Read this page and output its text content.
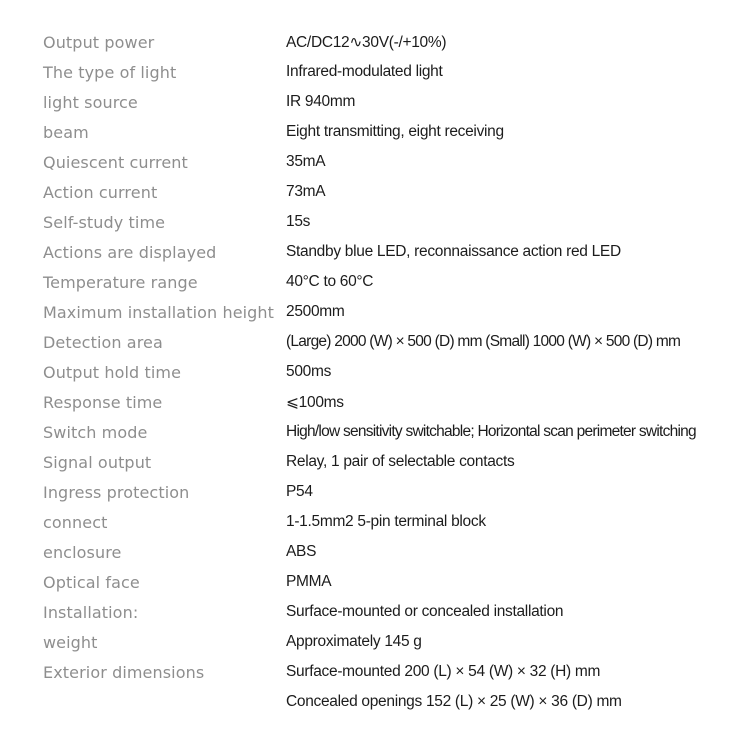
Output power	AC/DC12∿30V(-/+10%)
The type of light	Infrared-modulated light
light source	IR 940mm
beam	Eight transmitting, eight receiving
Quiescent current	35mA
Action current	73mA
Self-study time	15s
Actions are displayed	Standby blue LED, reconnaissance action red LED
Temperature range	40°C to 60°C
Maximum installation height 2500mm
Detection area	(Large) 2000 (W) × 500 (D) mm (Small) 1000 (W) × 500 (D) mm
Output hold time	500ms
Response time	⩽100ms
Switch mode	High/low sensitivity switchable; Horizontal scan perimeter switching
Signal output	Relay, 1 pair of selectable contacts
Ingress protection	P54
connect	1-1.5mm2 5-pin terminal block
enclosure	ABS
Optical face	PMMA
Installation:	Surface-mounted or concealed installation
weight	Approximately 145 g
Exterior dimensions	Surface-mounted 200 (L) × 54 (W) × 32 (H) mm
Concealed openings 152 (L) × 25 (W) × 36 (D) mm
